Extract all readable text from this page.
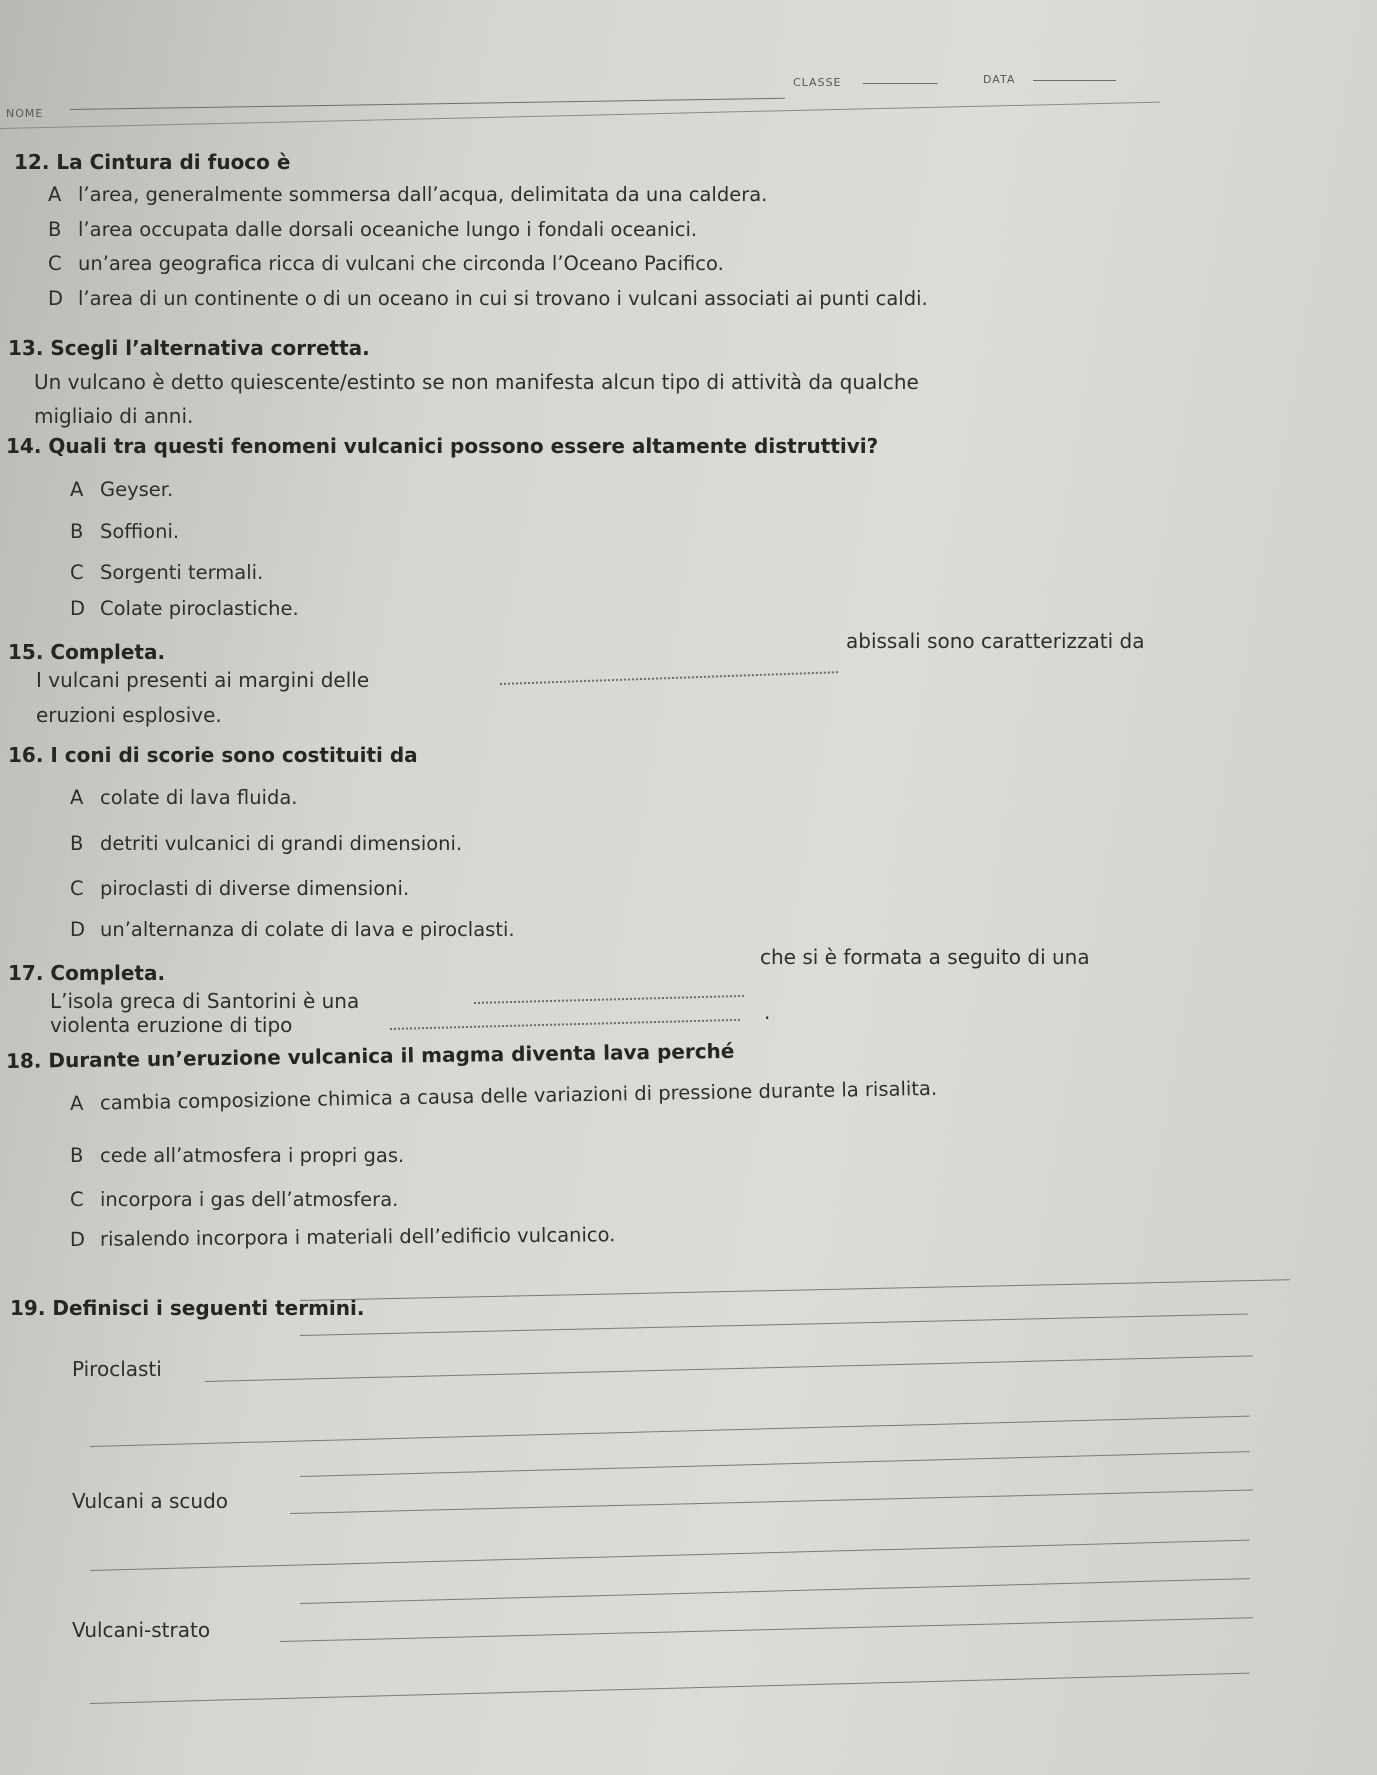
NOME
CLASSE	DATA
12. La Cintura di fuoco è
A l’area, generalmente sommersa dall’acqua, delimitata da una caldera.
B l’area occupata dalle dorsali oceaniche lungo i fondali oceanici.
C un’area geografica ricca di vulcani che circonda l’Oceano Pacifico.
D l’area di un continente o di un oceano in cui si trovano i vulcani associati ai punti caldi.
13. Scegli l’alternativa corretta.
Un vulcano è detto quiescente/estinto se non manifesta alcun tipo di attività da qualche
migliaio di anni.
14. Quali tra questi fenomeni vulcanici possono essere altamente distruttivi?
A Geyser.
B Soffioni.
C Sorgenti termali.
D Colate piroclastiche.
15. Completa.
I vulcani presenti ai margini delle
abissali sono caratterizzati da
eruzioni esplosive.
16. I coni di scorie sono costituiti da
A colate di lava fluida.
B detriti vulcanici di grandi dimensioni.
C piroclasti di diverse dimensioni.
D un’alternanza di colate di lava e piroclasti.
17. Completa.
L’isola greca di Santorini è una
che si è formata a seguito di una
violenta eruzione di tipo
.
18. Durante un’eruzione vulcanica il magma diventa lava perché
A cambia composizione chimica a causa delle variazioni di pressione durante la risalita.
B cede all’atmosfera i propri gas.
C incorpora i gas dell’atmosfera.
D risalendo incorpora i materiali dell’edificio vulcanico.
19. Definisci i seguenti termini.
Piroclasti
Vulcani a scudo
Vulcani-strato
